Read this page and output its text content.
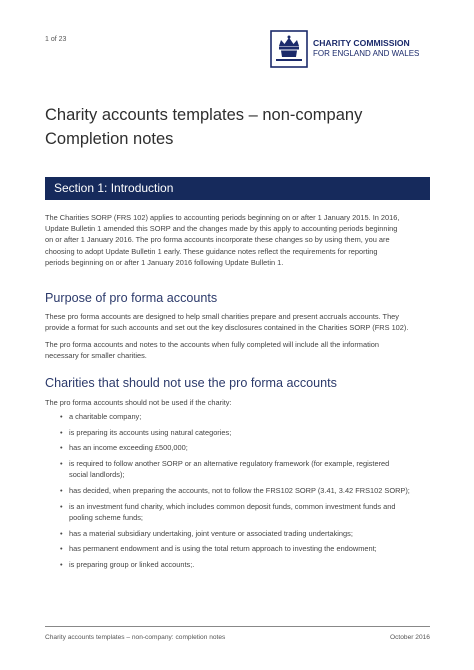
1 of 23	CHARITY COMMISSION
FOR ENGLAND AND WALES
Charity accounts templates – non-company
Completion notes
Section 1: Introduction
The Charities SORP (FRS 102) applies to accounting periods beginning on or after 1 January 2015. In 2016,
Update Bulletin 1 amended this SORP and the changes made by this apply to accounting periods beginning
on or after 1 January 2016. The pro forma accounts incorporate these changes so by using them, you are
choosing to adopt Update Bulletin 1 early. These guidance notes reflect the requirements for reporting
periods beginning on or after 1 January 2016 following Update Bulletin 1.
Purpose of pro forma accounts
These pro forma accounts are designed to help small charities prepare and present accruals accounts. They
provide a format for such accounts and set out the key disclosures contained in the Charities SORP (FRS 102).
The pro forma accounts and notes to the accounts when fully completed will include all the information
necessary for smaller charities.
Charities that should not use the pro forma accounts
The pro forma accounts should not be used if the charity:
• a charitable company;
• is preparing its accounts using natural categories;
• has an income exceeding £500,000;
• is required to follow another SORP or an alternative regulatory framework (for example, registered
social landlords);
• has decided, when preparing the accounts, not to follow the FRS102 SORP (3.41, 3.42 FRS102 SORP);
• is an investment fund charity, which includes common deposit funds, common investment funds and
pooling scheme funds;
• has a material subsidiary undertaking, joint venture or associated trading undertakings;
• has permanent endowment and is using the total return approach to investing the endowment;
• is preparing group or linked accounts;.
Charity accounts templates – non-company: completion notes	October 2016
